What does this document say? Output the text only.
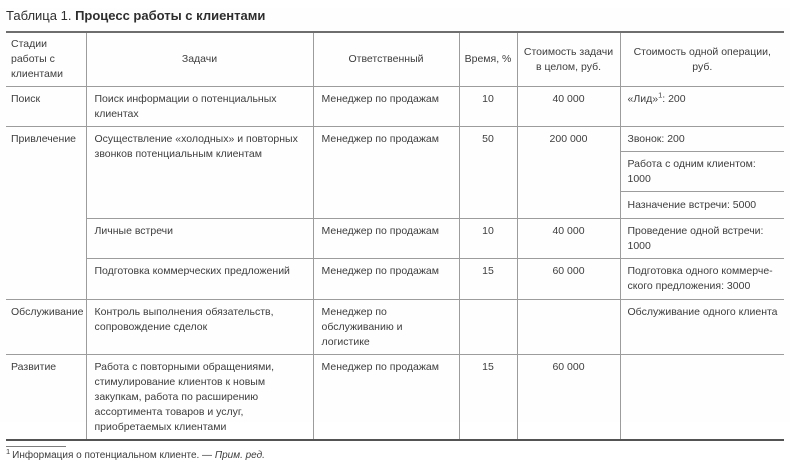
Таблица 1. Процесс работы с клиентами
Стадии работы с клиентами	Задачи	Ответственный	Время, %	Стоимость задачи в целом, руб.	Стоимость одной операции, руб.
Поиск	Поиск информации о потенциальных клиентах	Менеджер по продажам	10	40 000	«Лид»$^1$: 200
Привлечение	Осуществление «холодных» и повторных звонков потенциальным клиентам	Менеджер по продажам	50	200 000	Звонок: 200
					Работа с одним клиентом: 1000
					Назначение встречи: 5000
	Личные встречи	Менеджер по продажам	10	40 000	Проведение одной встречи: 1000
	Подготовка коммерческих предложений	Менеджер по продажам	15	60 000	Подготовка одного коммерческого предложения: 3000
Обслуживание	Контроль выполнения обязательств, сопровождение сделок	Менеджер по обслуживанию и логистике			Обслуживание одного клиента
Развитие	Работа с повторными обращениями, стимулирование клиентов к новым закупкам, работа по расширению ассортимента товаров и услуг, приобретаемых клиентами	Менеджер по продажам	15	60 000	
$^1$ Информация о потенциальном клиенте. — Прим. ред.
